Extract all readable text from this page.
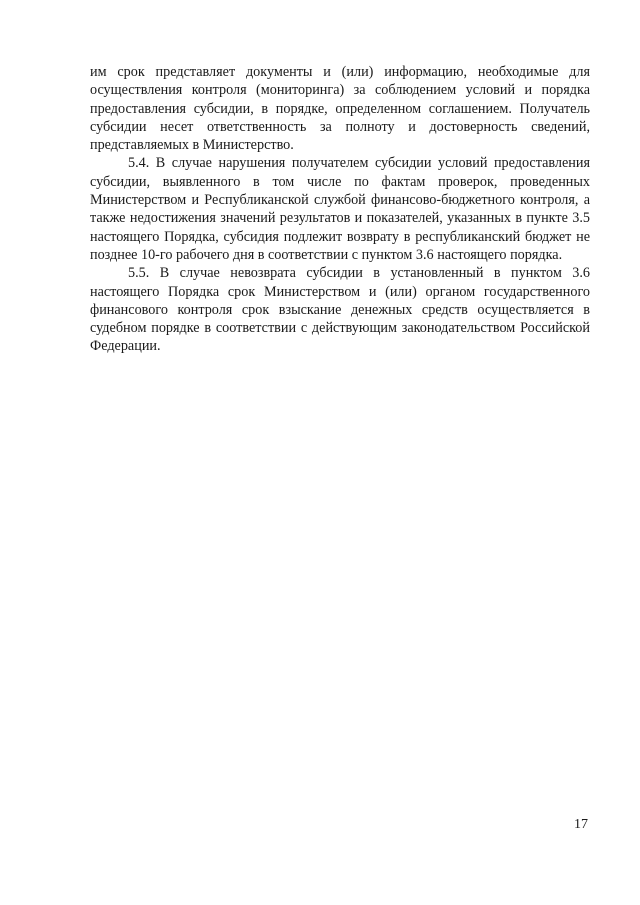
им срок представляет документы и (или) информацию, необходимые для осуществления контроля (мониторинга) за соблюдением условий и порядка предоставления субсидии, в порядке, определенном соглашением. Получатель субсидии несет ответственность за полноту и достоверность сведений, представляемых в Министерство.

5.4. В случае нарушения получателем субсидии условий предоставления субсидии, выявленного в том числе по фактам проверок, проведенных Министерством и Республиканской службой финансово-бюджетного контроля, а также недостижения значений результатов и показателей, указанных в пункте 3.5 настоящего Порядка, субсидия подлежит возврату в республиканский бюджет не позднее 10-го рабочего дня в соответствии с пунктом 3.6 настоящего порядка.

5.5. В случае невозврата субсидии в установленный в пунктом 3.6 настоящего Порядка срок Министерством и (или) органом государственного финансового контроля срок взыскание денежных средств осуществляется в судебном порядке в соответствии с действующим законодательством Российской Федерации.

17
